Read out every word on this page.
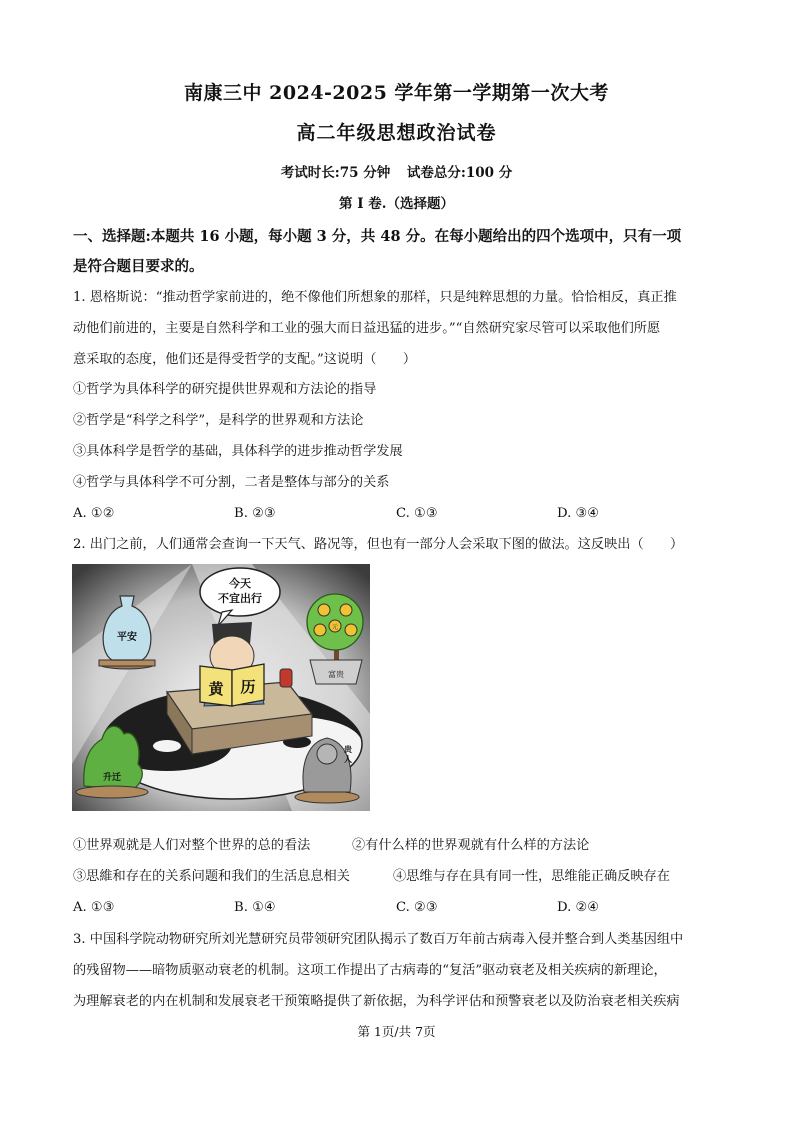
南康三中 2024-2025 学年第一学期第一次大考
高二年级思想政治试卷
考试时长:75 分钟 试卷总分:100 分
第 I 卷.（选择题）
一、选择题:本题共 16 小题，每小题 3 分，共 48 分。在每小题给出的四个选项中，只有一项
是符合题目要求的。
1. 恩格斯说：“推动哲学家前进的，绝不像他们所想象的那样，只是纯粹思想的力量。恰恰相反，真正推
动他们前进的，主要是自然科学和工业的强大而日益迅猛的进步。”“自然研究家尽管可以采取他们所愿
意采取的态度，他们还是得受哲学的支配。”这说明（　　）
①哲学为具体科学的研究提供世界观和方法论的指导
②哲学是“科学之科学”，是科学的世界观和方法论
③具体科学是哲学的基础，具体科学的进步推动哲学发展
④哲学与具体科学不可分割，二者是整体与部分的关系
A. ①②	B. ②③	C. ①③	D. ③④
2. 出门之前，人们通常会查询一下天气、路况等，但也有一部分人会采取下图的做法。这反映出（　　）
平安
今天
不宜出行
元
富贵
黄 历
升迁
贵
人
①世界观就是人们对整个世界的总的看法	②有什么样的世界观就有什么样的方法论
③思維和存在的关系问题和我们的生活息息相关	④思维与存在具有同一性，思维能正确反映存在
A. ①③	B. ①④	C. ②③	D. ②④
3. 中国科学院动物研究所刘光慧研究员带领研究团队揭示了数百万年前古病毒入侵并整合到人类基因组中
的残留物——暗物质驱动衰老的机制。这项工作提出了古病毒的“复活”驱动衰老及相关疾病的新理论，
为理解衰老的内在机制和发展衰老干预策略提供了新依据，为科学评估和预警衰老以及防治衰老相关疾病
第 1页/共 7页
